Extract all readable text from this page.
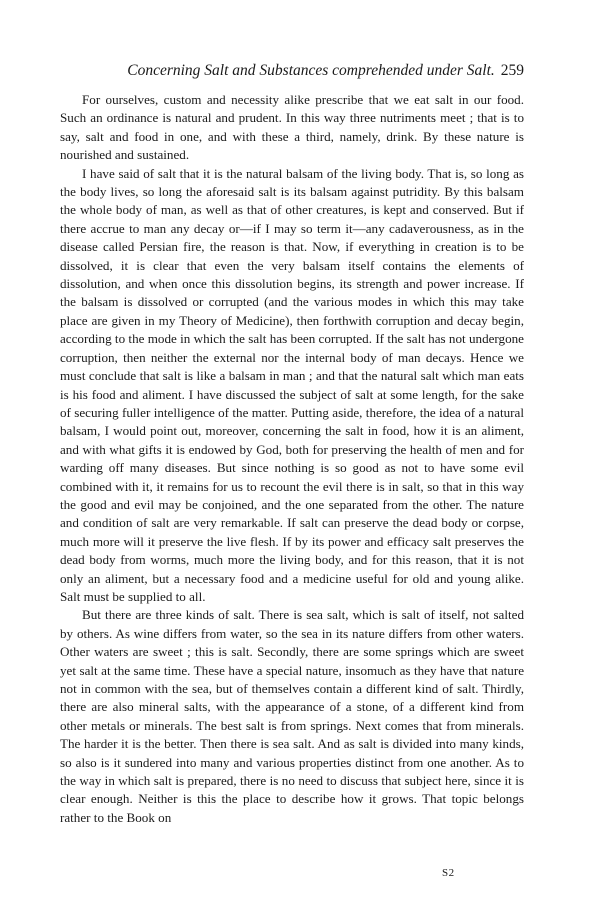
Concerning Salt and Substances comprehended under Salt. 259

For ourselves, custom and necessity alike prescribe that we eat salt in our food. Such an ordinance is natural and prudent. In this way three nutriments meet ; that is to say, salt and food in one, and with these a third, namely, drink. By these nature is nourished and sustained.

I have said of salt that it is the natural balsam of the living body. That is, so long as the body lives, so long the aforesaid salt is its balsam against putridity. By this balsam the whole body of man, as well as that of other creatures, is kept and conserved. But if there accrue to man any decay or—if I may so term it—any cadaverousness, as in the disease called Persian fire, the reason is that. Now, if everything in creation is to be dissolved, it is clear that even the very balsam itself contains the elements of dissolution, and when once this dissolution begins, its strength and power increase. If the balsam is dissolved or corrupted (and the various modes in which this may take place are given in my Theory of Medicine), then forthwith corruption and decay begin, according to the mode in which the salt has been corrupted. If the salt has not undergone corruption, then neither the external nor the internal body of man decays. Hence we must conclude that salt is like a balsam in man ; and that the natural salt which man eats is his food and aliment. I have discussed the subject of salt at some length, for the sake of securing fuller intelligence of the matter. Putting aside, therefore, the idea of a natural balsam, I would point out, moreover, concerning the salt in food, how it is an aliment, and with what gifts it is endowed by God, both for preserving the health of men and for warding off many diseases. But since nothing is so good as not to have some evil combined with it, it remains for us to recount the evil there is in salt, so that in this way the good and evil may be conjoined, and the one separated from the other. The nature and condition of salt are very remarkable. If salt can preserve the dead body or corpse, much more will it preserve the live flesh. If by its power and efficacy salt preserves the dead body from worms, much more the living body, and for this reason, that it is not only an aliment, but a necessary food and a medicine useful for old and young alike. Salt must be supplied to all.

But there are three kinds of salt. There is sea salt, which is salt of itself, not salted by others. As wine differs from water, so the sea in its nature differs from other waters. Other waters are sweet ; this is salt. Secondly, there are some springs which are sweet yet salt at the same time. These have a special nature, insomuch as they have that nature not in common with the sea, but of themselves contain a different kind of salt. Thirdly, there are also mineral salts, with the appearance of a stone, of a different kind from other metals or minerals. The best salt is from springs. Next comes that from minerals. The harder it is the better. Then there is sea salt. And as salt is divided into many kinds, so also is it sundered into many and various properties distinct from one another. As to the way in which salt is prepared, there is no need to discuss that subject here, since it is clear enough. Neither is this the place to describe how it grows. That topic belongs rather to the Book on

S2
